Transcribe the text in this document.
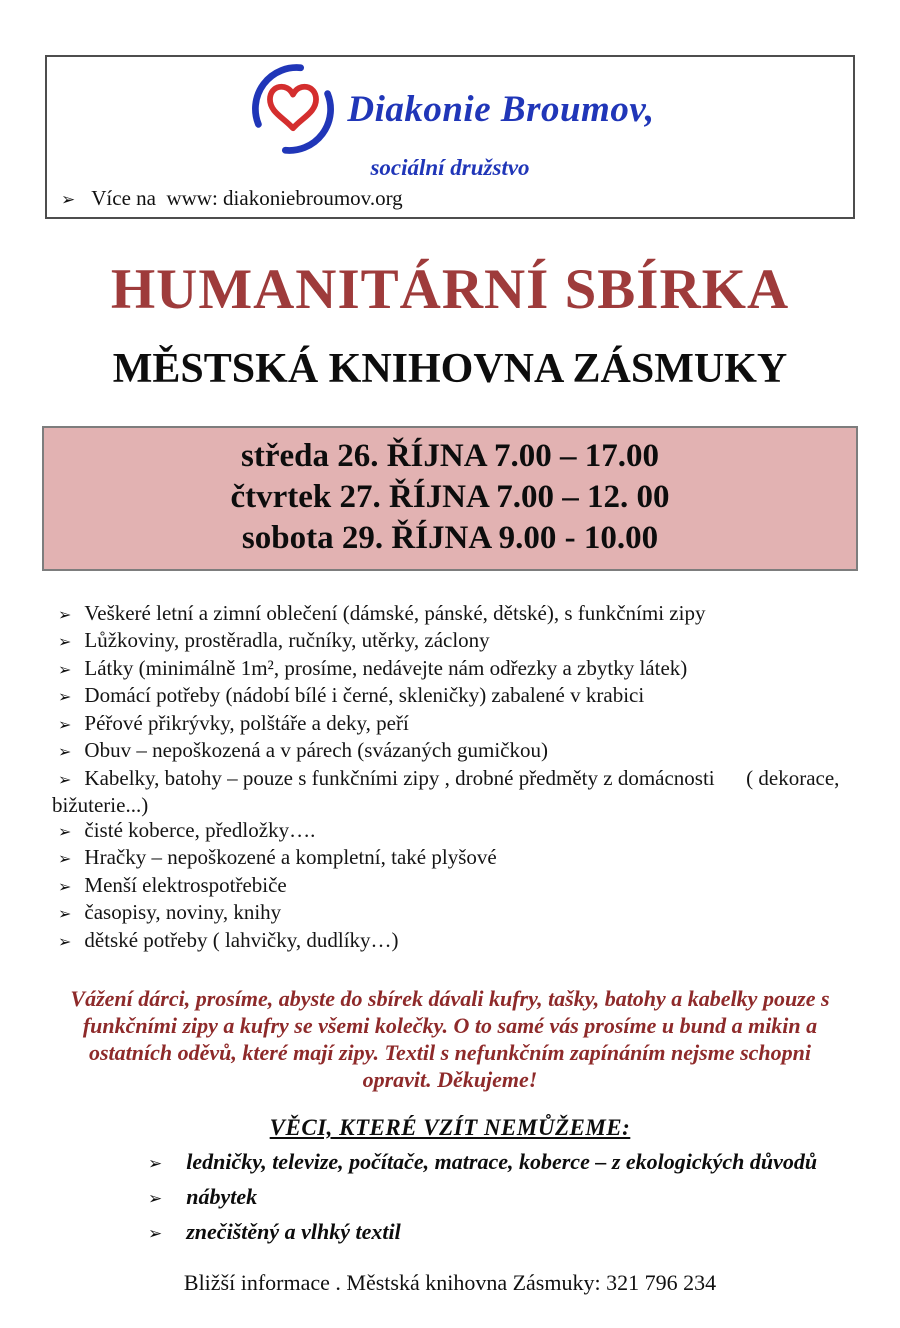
Diakonie Broumov,
sociální družstvo
➢ Více na  www: diakoniebroumov.org
HUMANITÁRNÍ SBÍRKA
MĚSTSKÁ KNIHOVNA ZÁSMUKY
středa 26. ŘÍJNA 7.00 – 17.00
čtvrtek 27. ŘÍJNA 7.00 – 12. 00
sobota 29. ŘÍJNA 9.00 - 10.00
➢ Veškeré letní a zimní oblečení (dámské, pánské, dětské), s funkčními zipy
➢ Lůžkoviny, prostěradla, ručníky, utěrky, záclony
➢ Látky (minimálně 1m², prosíme, nedávejte nám odřezky a zbytky látek)
➢ Domácí potřeby (nádobí bílé i černé, skleničky) zabalené v krabici
➢ Péřové přikrývky, polštáře a deky, peří
➢ Obuv – nepoškozená a v párech (svázaných gumičkou)
➢ Kabelky, batohy – pouze s funkčními zipy , drobné předměty z domácnosti      ( dekorace, bižuterie...)
➢ čisté koberce, předložky….
➢ Hračky – nepoškozené a kompletní, také plyšové
➢ Menší elektrospotřebiče
➢ časopisy, noviny, knihy
➢ dětské potřeby ( lahvičky, dudlíky…)
Vážení dárci, prosíme, abyste do sbírek dávali kufry, tašky, batohy a kabelky pouze s funkčními zipy a kufry se všemi kolečky. O to samé vás prosíme u bund a mikin a ostatních oděvů, které mají zipy. Textil s nefunkčním zapínáním nejsme schopni opravit. Děkujeme!
VĚCI, KTERÉ VZÍT NEMŮŽEME:
➢ ledničky, televize, počítače, matrace, koberce – z ekologických důvodů
➢ nábytek
➢ znečištěný a vlhký textil
Bližší informace . Městská knihovna Zásmuky: 321 796 234
